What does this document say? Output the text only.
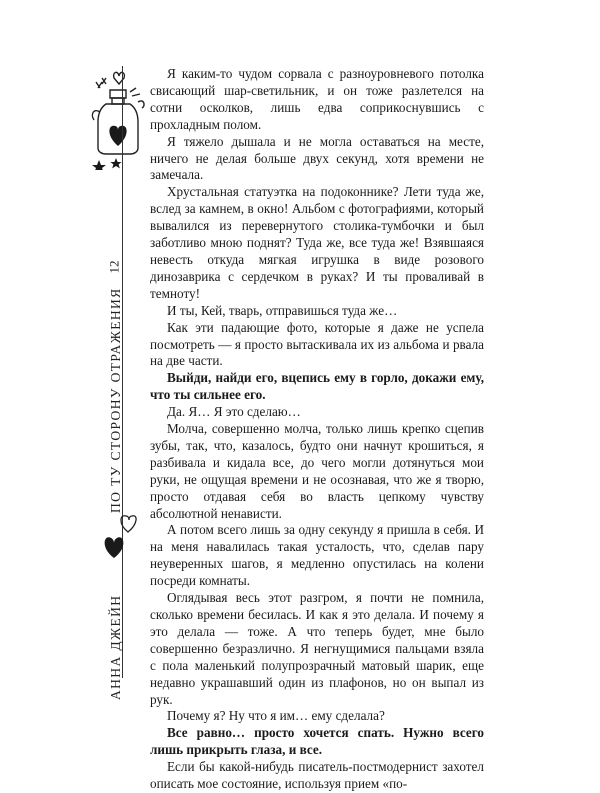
12
ПО ТУ СТОРОНУ ОТРАЖЕНИЯ
АННА ДЖЕЙН

Я каким-то чудом сорвала с разноуровневого потолка свисающий шар-светильник, и он тоже разлетелся на сотни осколков, лишь едва соприкоснувшись с прохладным полом.

Я тяжело дышала и не могла оставаться на месте, ничего не делая больше двух секунд, хотя времени не замечала.

Хрустальная статуэтка на подоконнике? Лети туда же, вслед за камнем, в окно! Альбом с фотографиями, который вывалился из перевернутого столика-тумбочки и был заботливо мною поднят? Туда же, все туда же! Взявшаяся невесть откуда мягкая игрушка в виде розового динозаврика с сердечком в руках? И ты проваливай в темноту!

И ты, Кей, тварь, отправишься туда же…

Как эти падающие фото, которые я даже не успела посмотреть — я просто вытаскивала их из альбома и рвала на две части.

Выйди, найди его, вцепись ему в горло, докажи ему, что ты сильнее его.

Да. Я… Я это сделаю…

Молча, совершенно молча, только лишь крепко сцепив зубы, так, что, казалось, будто они начнут крошиться, я разбивала и кидала все, до чего могли дотянуться мои руки, не ощущая времени и не осознавая, что же я творю, просто отдавая себя во власть цепкому чувству абсолютной ненависти.

А потом всего лишь за одну секунду я пришла в себя. И на меня навалилась такая усталость, что, сделав пару неуверенных шагов, я медленно опустилась на колени посреди комнаты.

Оглядывая весь этот разгром, я почти не помнила, сколько времени бесилась. И как я это делала. И почему я это делала — тоже. А что теперь будет, мне было совершенно безразлично. Я негнущимися пальцами взяла с пола маленький полупрозрачный матовый шарик, еще недавно украшавший один из плафонов, но он выпал из рук.

Почему я? Ну что я им… ему сделала?

Все равно… просто хочется спать. Нужно всего лишь прикрыть глаза, и все.

Если бы какой-нибудь писатель-постмодернист захотел описать мое состояние, используя прием «по-
